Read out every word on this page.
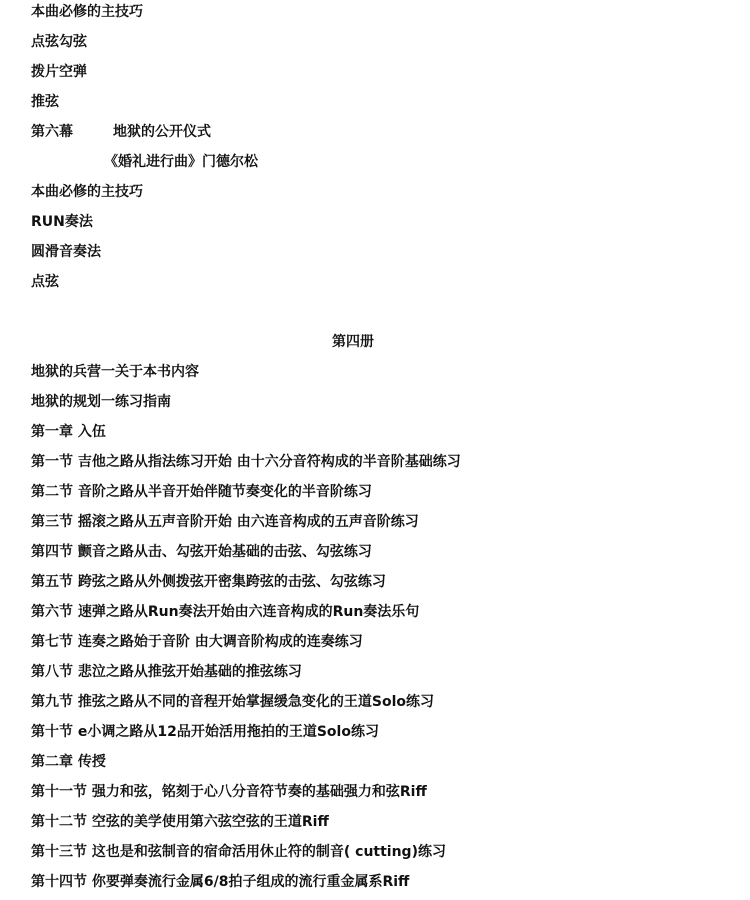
本曲必修的主技巧

点弦勾弦

拨片空弹

推弦

第六幕	地狱的公开仪式

《婚礼进行曲》门德尔松

本曲必修的主技巧

RUN奏法

圆滑音奏法

点弦

第四册

地狱的兵营一关于本书内容

地狱的规划一练习指南

第一章 入伍

第一节 吉他之路从指法练习开始 由十六分音符构成的半音阶基础练习

第二节 音阶之路从半音开始伴随节奏变化的半音阶练习

第三节 摇滚之路从五声音阶开始 由六连音构成的五声音阶练习

第四节 颤音之路从击、勾弦开始基础的击弦、勾弦练习

第五节 跨弦之路从外侧拨弦开密集跨弦的击弦、勾弦练习

第六节 速弹之路从Run奏法开始由六连音构成的Run奏法乐句

第七节 连奏之路始于音阶 由大调音阶构成的连奏练习

第八节 悲泣之路从推弦开始基础的推弦练习

第九节 推弦之路从不同的音程开始掌握缓急变化的王道Solo练习

第十节 e小调之路从12品开始活用拖拍的王道Solo练习

第二章 传授

第十一节 强力和弦，铭刻于心八分音符节奏的基础强力和弦Riff

第十二节 空弦的美学使用第六弦空弦的王道Riff

第十三节 这也是和弦制音的宿命活用休止符的制音( cutting)练习

第十四节 你要弹奏流行金属6/8拍子组成的流行重金属系Riff
